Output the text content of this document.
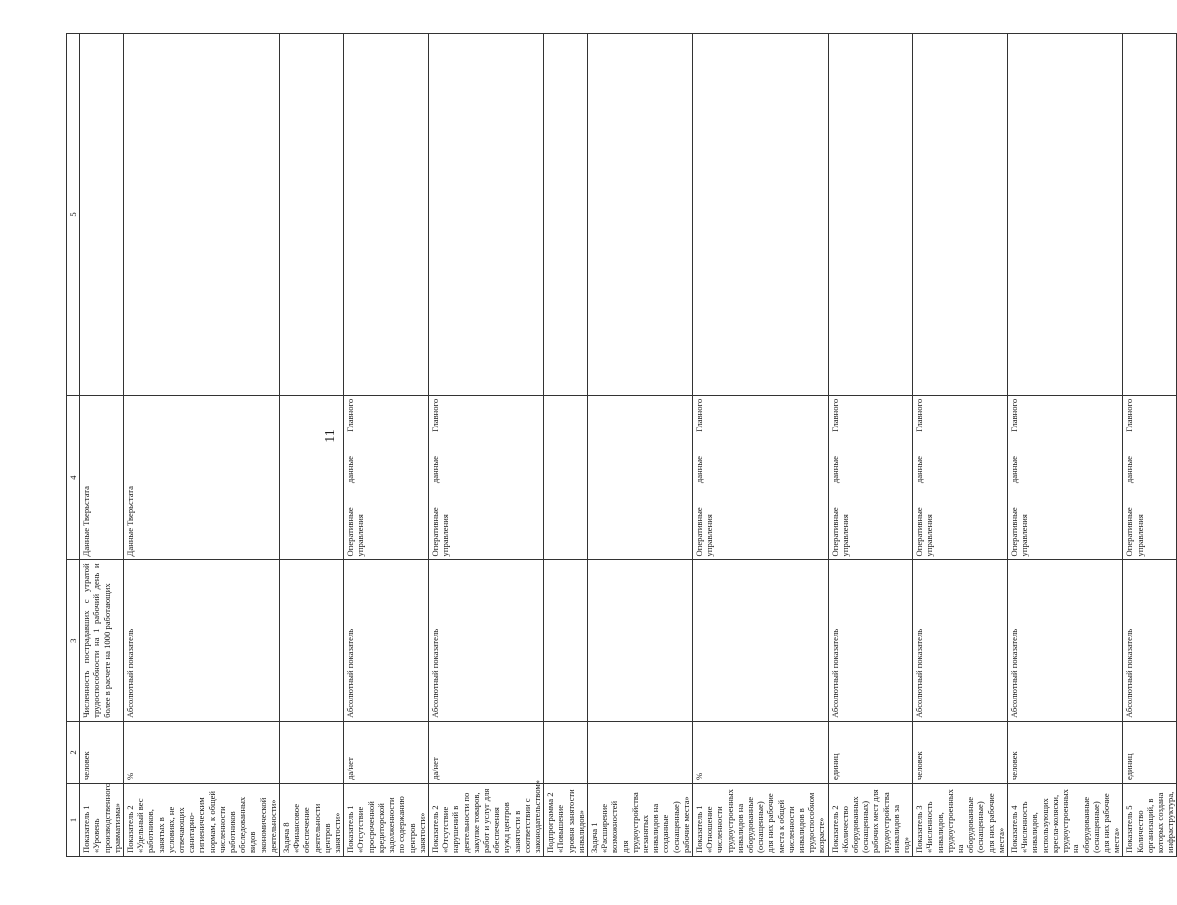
11
1	2	3	4	5
Показатель 1 «Уровень производственного травматизма»	человек	Численность пострадавших с утратой трудоспособности на 1 рабочий день и более в расчете на 1000 работающих	Данные Тверьстата	
Показатель 2 «Удельный вес работников, занятых в условиях, не отвечающих санитарно-гигиеническим нормам, к общей численности работников обследованных видов экономической деятельности»	%	Абсолютный показатель	Данные Тверьстата	
Задача 8 «Финансовое обеспечение деятельности центров занятости»				
Показатель 1 «Отсутствие просроченной кредиторской задолженности по содержанию центров занятости»	да/нет	Абсолютный показатель	Оперативные данные Главного управления	
Показатель 2 «Отсутствие нарушений в деятельности по закупке товаров, работ и услуг для обеспечения нужд центров занятости в соответствии с законодательством»	да/нет	Абсолютный показатель	Оперативные данные Главного управления	
Подпрограмма 2 «Повышение уровня занятости инвалидов»				
Задача 1 «Расширение возможностей для трудоустройства незанятых инвалидов на созданные (оснащенные) рабочие места»				
Показатель 1 «Отношение численности трудоустроенных инвалидов на оборудованные (оснащенные) для них рабочие места к общей численности инвалидов в трудоспособном возрасте»	%		Оперативные данные Главного управления	
Показатель 2 «Количество оборудованных (оснащенных) рабочих мест для трудоустройства инвалидов за год»	единиц	Абсолютный показатель	Оперативные данные Главного управления	
Показатель 3 «Численность инвалидов, трудоустроенных на оборудованные (оснащенные) для них рабочие места»	человек	Абсолютный показатель	Оперативные данные Главного управления	
Показатель 4 «Численность инвалидов, использующих кресла-коляски, трудоустроенных на оборудованные (оснащенные) для них рабочие места»	человек	Абсолютный показатель	Оперативные данные Главного управления	
Показатель 5 Количество организаций, в которых создана инфраструктура,	единиц	Абсолютный показатель	Оперативные данные Главного управления	
